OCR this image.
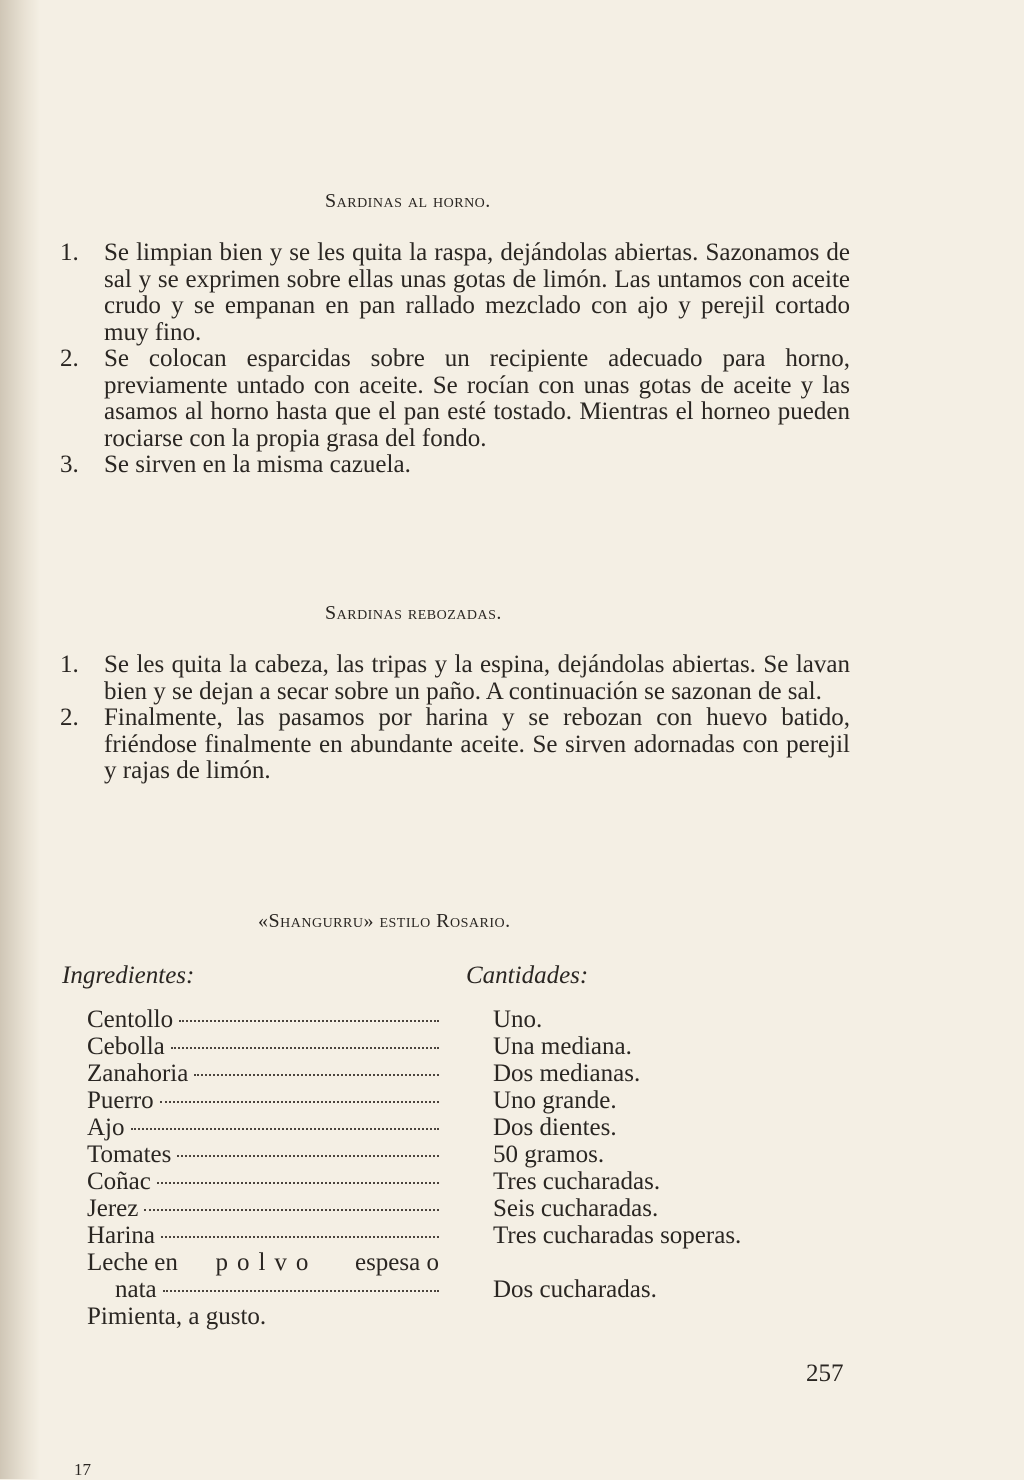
Sardinas al horno.
1.	Se limpian bien y se les quita la raspa, dejándolas abiertas. Sazonamos de sal y se exprimen sobre ellas unas gotas de limón. Las untamos con aceite crudo y se empanan en pan rallado mezclado con ajo y perejil cortado muy fino.
2.	Se colocan esparcidas sobre un recipiente adecuado para horno, previamente untado con aceite. Se rocían con unas gotas de aceite y las asamos al horno hasta que el pan esté tostado. Mientras el horneo pueden rociarse con la propia grasa del fondo.
3.	Se sirven en la misma cazuela.
Sardinas rebozadas.
1.	Se les quita la cabeza, las tripas y la espina, dejándolas abiertas. Se lavan bien y se dejan a secar sobre un paño. A continuación se sazonan de sal.
2.	Finalmente, las pasamos por harina y se rebozan con huevo batido, friéndose finalmente en abundante aceite. Se sirven adornadas con perejil y rajas de limón.
«Shangurru» estilo Rosario.
Ingredientes:	Cantidades:
Centollo	Uno.
Cebolla	Una mediana.
Zanahoria	Dos medianas.
Puerro	Uno grande.
Ajo	Dos dientes.
Tomates	50 gramos.
Coñac	Tres cucharadas.
Jerez	Seis cucharadas.
Harina	Tres cucharadas soperas.
Leche en polvo espesa o
nata	Dos cucharadas.
Pimienta, a gusto.
257
17
